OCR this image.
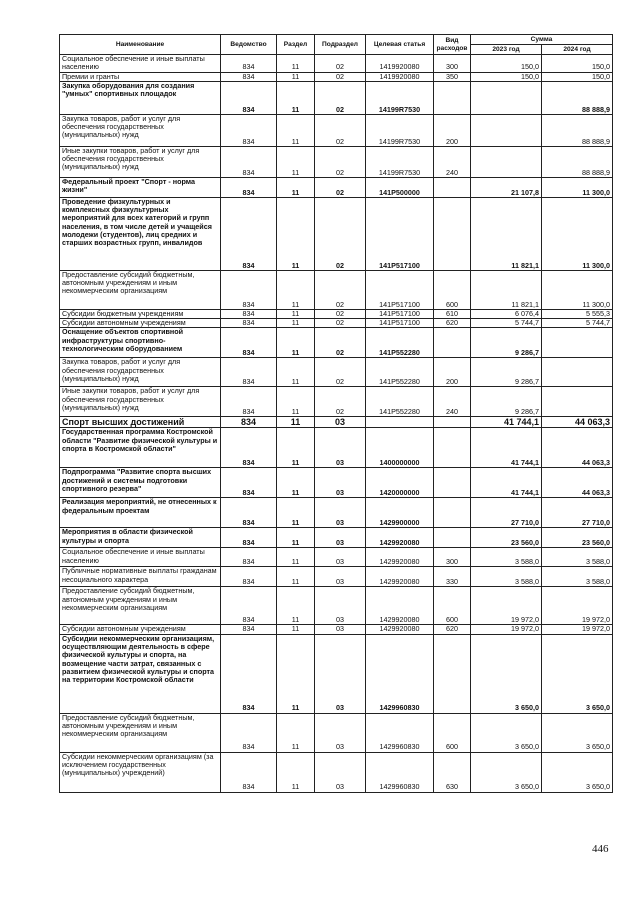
Наименование	Ведомство	Раздел	Подраздел	Целевая статья	Вид расходов	Сумма	
						2023 год	2024 год
Социальное обеспечение и иные выплаты населению	834	11	02	1419920080	300	150,0	150,0
Премии и гранты	834	11	02	1419920080	350	150,0	150,0
Закупка оборудования для создания "умных" спортивных площадок	834	11	02	14199R7530			88 888,9
Закупка товаров, работ и услуг для обеспечения государственных (муниципальных) нужд	834	11	02	14199R7530	200		88 888,9
Иные закупки товаров, работ и услуг для обеспечения государственных (муниципальных) нужд	834	11	02	14199R7530	240		88 888,9
Федеральный проект "Спорт - норма жизни"	834	11	02	141P500000		21 107,8	11 300,0
Проведение физкультурных и комплексных физкультурных мероприятий для всех категорий и групп населения, в том числе детей и учащейся молодежи (студентов), лиц средних и старших возрастных групп, инвалидов	834	11	02	141P517100		11 821,1	11 300,0
Предоставление субсидий бюджетным, автономным учреждениям и иным некоммерческим организациям	834	11	02	141P517100	600	11 821,1	11 300,0
Субсидии бюджетным учреждениям	834	11	02	141P517100	610	6 076,4	5 555,3
Субсидии автономным учреждениям	834	11	02	141P517100	620	5 744,7	5 744,7
Оснащение объектов спортивной инфраструктуры спортивно-технологическим оборудованием	834	11	02	141P552280		9 286,7	
Закупка товаров, работ и услуг для обеспечения государственных (муниципальных) нужд	834	11	02	141P552280	200	9 286,7	
Иные закупки товаров, работ и услуг для обеспечения государственных (муниципальных) нужд	834	11	02	141P552280	240	9 286,7	
Спорт высших достижений	834	11	03			41 744,1	44 063,3
Государственная программа Костромской области "Развитие физической культуры и спорта в Костромской области"	834	11	03	1400000000		41 744,1	44 063,3
Подпрограмма "Развитие спорта высших достижений и системы подготовки спортивного резерва"	834	11	03	1420000000		41 744,1	44 063,3
Реализация мероприятий, не отнесенных к федеральным проектам	834	11	03	1429900000		27 710,0	27 710,0
Мероприятия в области физической культуры и спорта	834	11	03	1429920080		23 560,0	23 560,0
Социальное обеспечение и иные выплаты населению	834	11	03	1429920080	300	3 588,0	3 588,0
Публичные нормативные выплаты гражданам несоциального характера	834	11	03	1429920080	330	3 588,0	3 588,0
Предоставление субсидий бюджетным, автономным учреждениям и иным некоммерческим организациям	834	11	03	1429920080	600	19 972,0	19 972,0
Субсидии автономным учреждениям	834	11	03	1429920080	620	19 972,0	19 972,0
Субсидии некоммерческим организациям, осуществляющим деятельность в сфере физической культуры и спорта, на возмещение части затрат, связанных с развитием физической культуры и спорта на территории Костромской области	834	11	03	1429960830		3 650,0	3 650,0
Предоставление субсидий бюджетным, автономным учреждениям и иным некоммерческим организациям	834	11	03	1429960830	600	3 650,0	3 650,0
Субсидии некоммерческим организациям (за исключением государственных (муниципальных) учреждений)	834	11	03	1429960830	630	3 650,0	3 650,0
446
